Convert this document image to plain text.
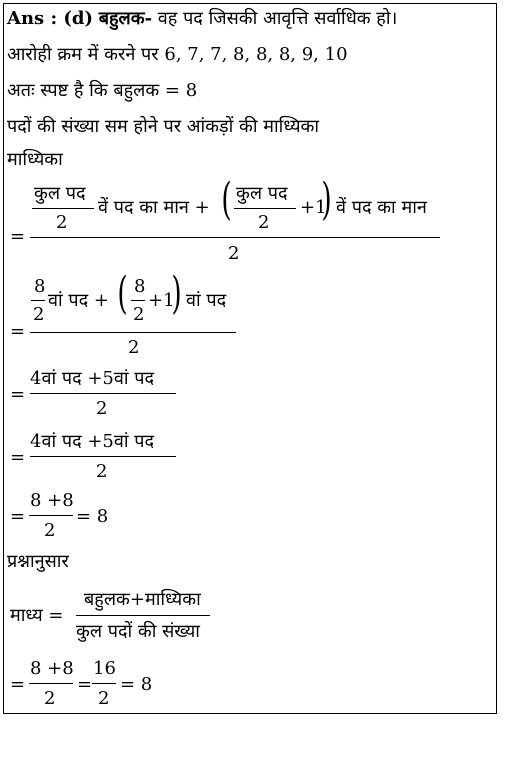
Ans : (d) बहुलक- वह पद जिसकी आवृत्ति सर्वाधिक हो।
आरोही क्रम में करने पर 6, 7, 7, 8, 8, 8, 9, 10
अतः स्पष्ट है कि बहुलक = 8
पदों की संख्या सम होने पर आंकड़ों की माध्यिका
माध्यिका
=
कुल पद
2
वें पद का मान + ( कुल पद
2
+1
) वें पद का मान
2
=
8
2
वां पद + ( 8
2
+1
) वां पद
2
=
4वां पद +5वां पद
2
=
4वां पद +5वां पद
2
=
8 +8
2
= 8
प्रश्नानुसार
माध्य =
बहुलक+माध्यिका
कुल पदों की संख्या
=
8 +8
2
=
16
2
= 8
